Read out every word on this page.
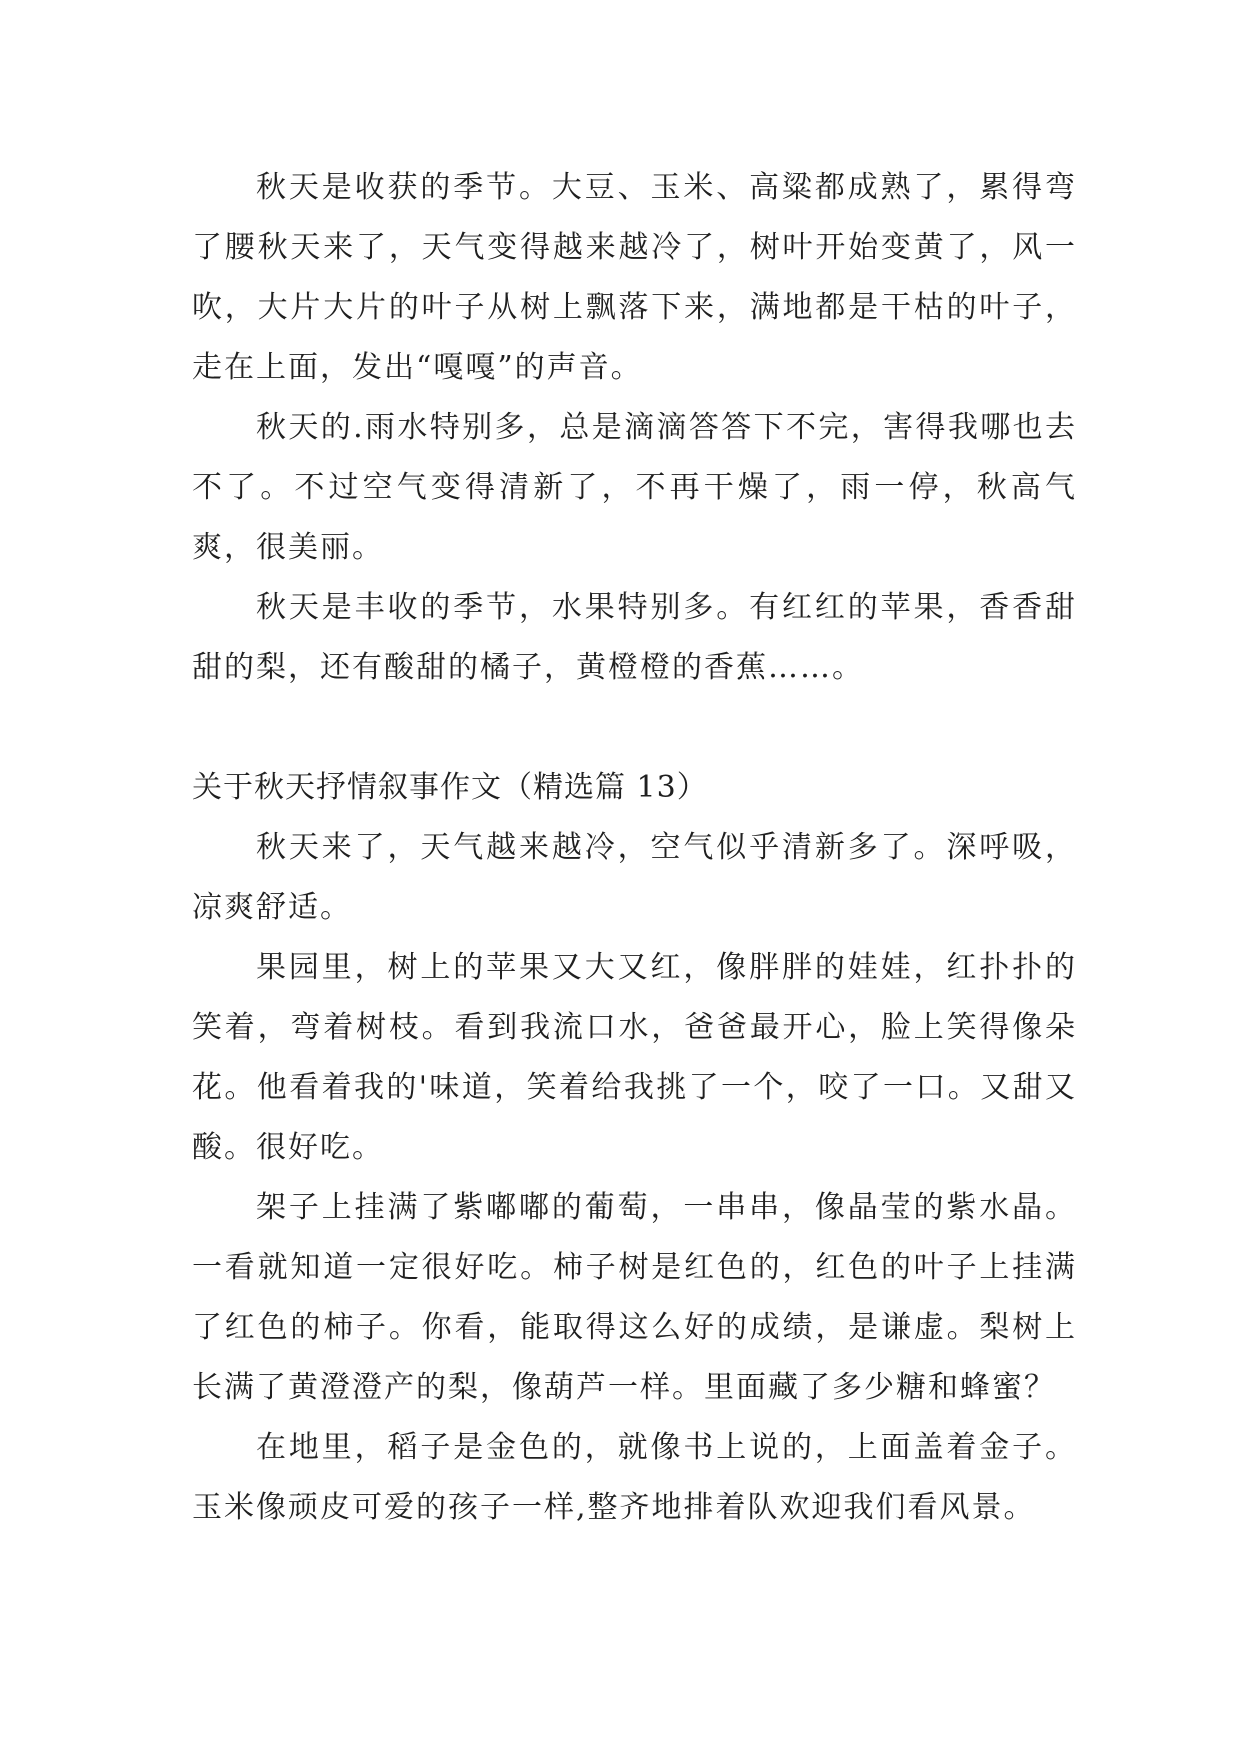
秋天是收获的季节。大豆、玉米、高粱都成熟了，累得弯了腰秋天来了，天气变得越来越冷了，树叶开始变黄了，风一吹，大片大片的叶子从树上飘落下来，满地都是干枯的叶子，走在上面，发出“嘎嘎”的声音。

秋天的.雨水特别多，总是滴滴答答下不完，害得我哪也去不了。不过空气变得清新了，不再干燥了，雨一停，秋高气爽，很美丽。

秋天是丰收的季节，水果特别多。有红红的苹果，香香甜甜的梨，还有酸甜的橘子，黄橙橙的香蕉……。

关于秋天抒情叙事作文（精选篇 13）

秋天来了，天气越来越冷，空气似乎清新多了。深呼吸，凉爽舒适。

果园里，树上的苹果又大又红，像胖胖的娃娃，红扑扑的笑着，弯着树枝。看到我流口水，爸爸最开心，脸上笑得像朵花。他看着我的'味道，笑着给我挑了一个，咬了一口。又甜又酸。很好吃。

架子上挂满了紫嘟嘟的葡萄，一串串，像晶莹的紫水晶。一看就知道一定很好吃。柿子树是红色的，红色的叶子上挂满了红色的柿子。你看，能取得这么好的成绩，是谦虚。梨树上长满了黄澄澄产的梨，像葫芦一样。里面藏了多少糖和蜂蜜？

在地里，稻子是金色的，就像书上说的，上面盖着金子。玉米像顽皮可爱的孩子一样,整齐地排着队欢迎我们看风景。
